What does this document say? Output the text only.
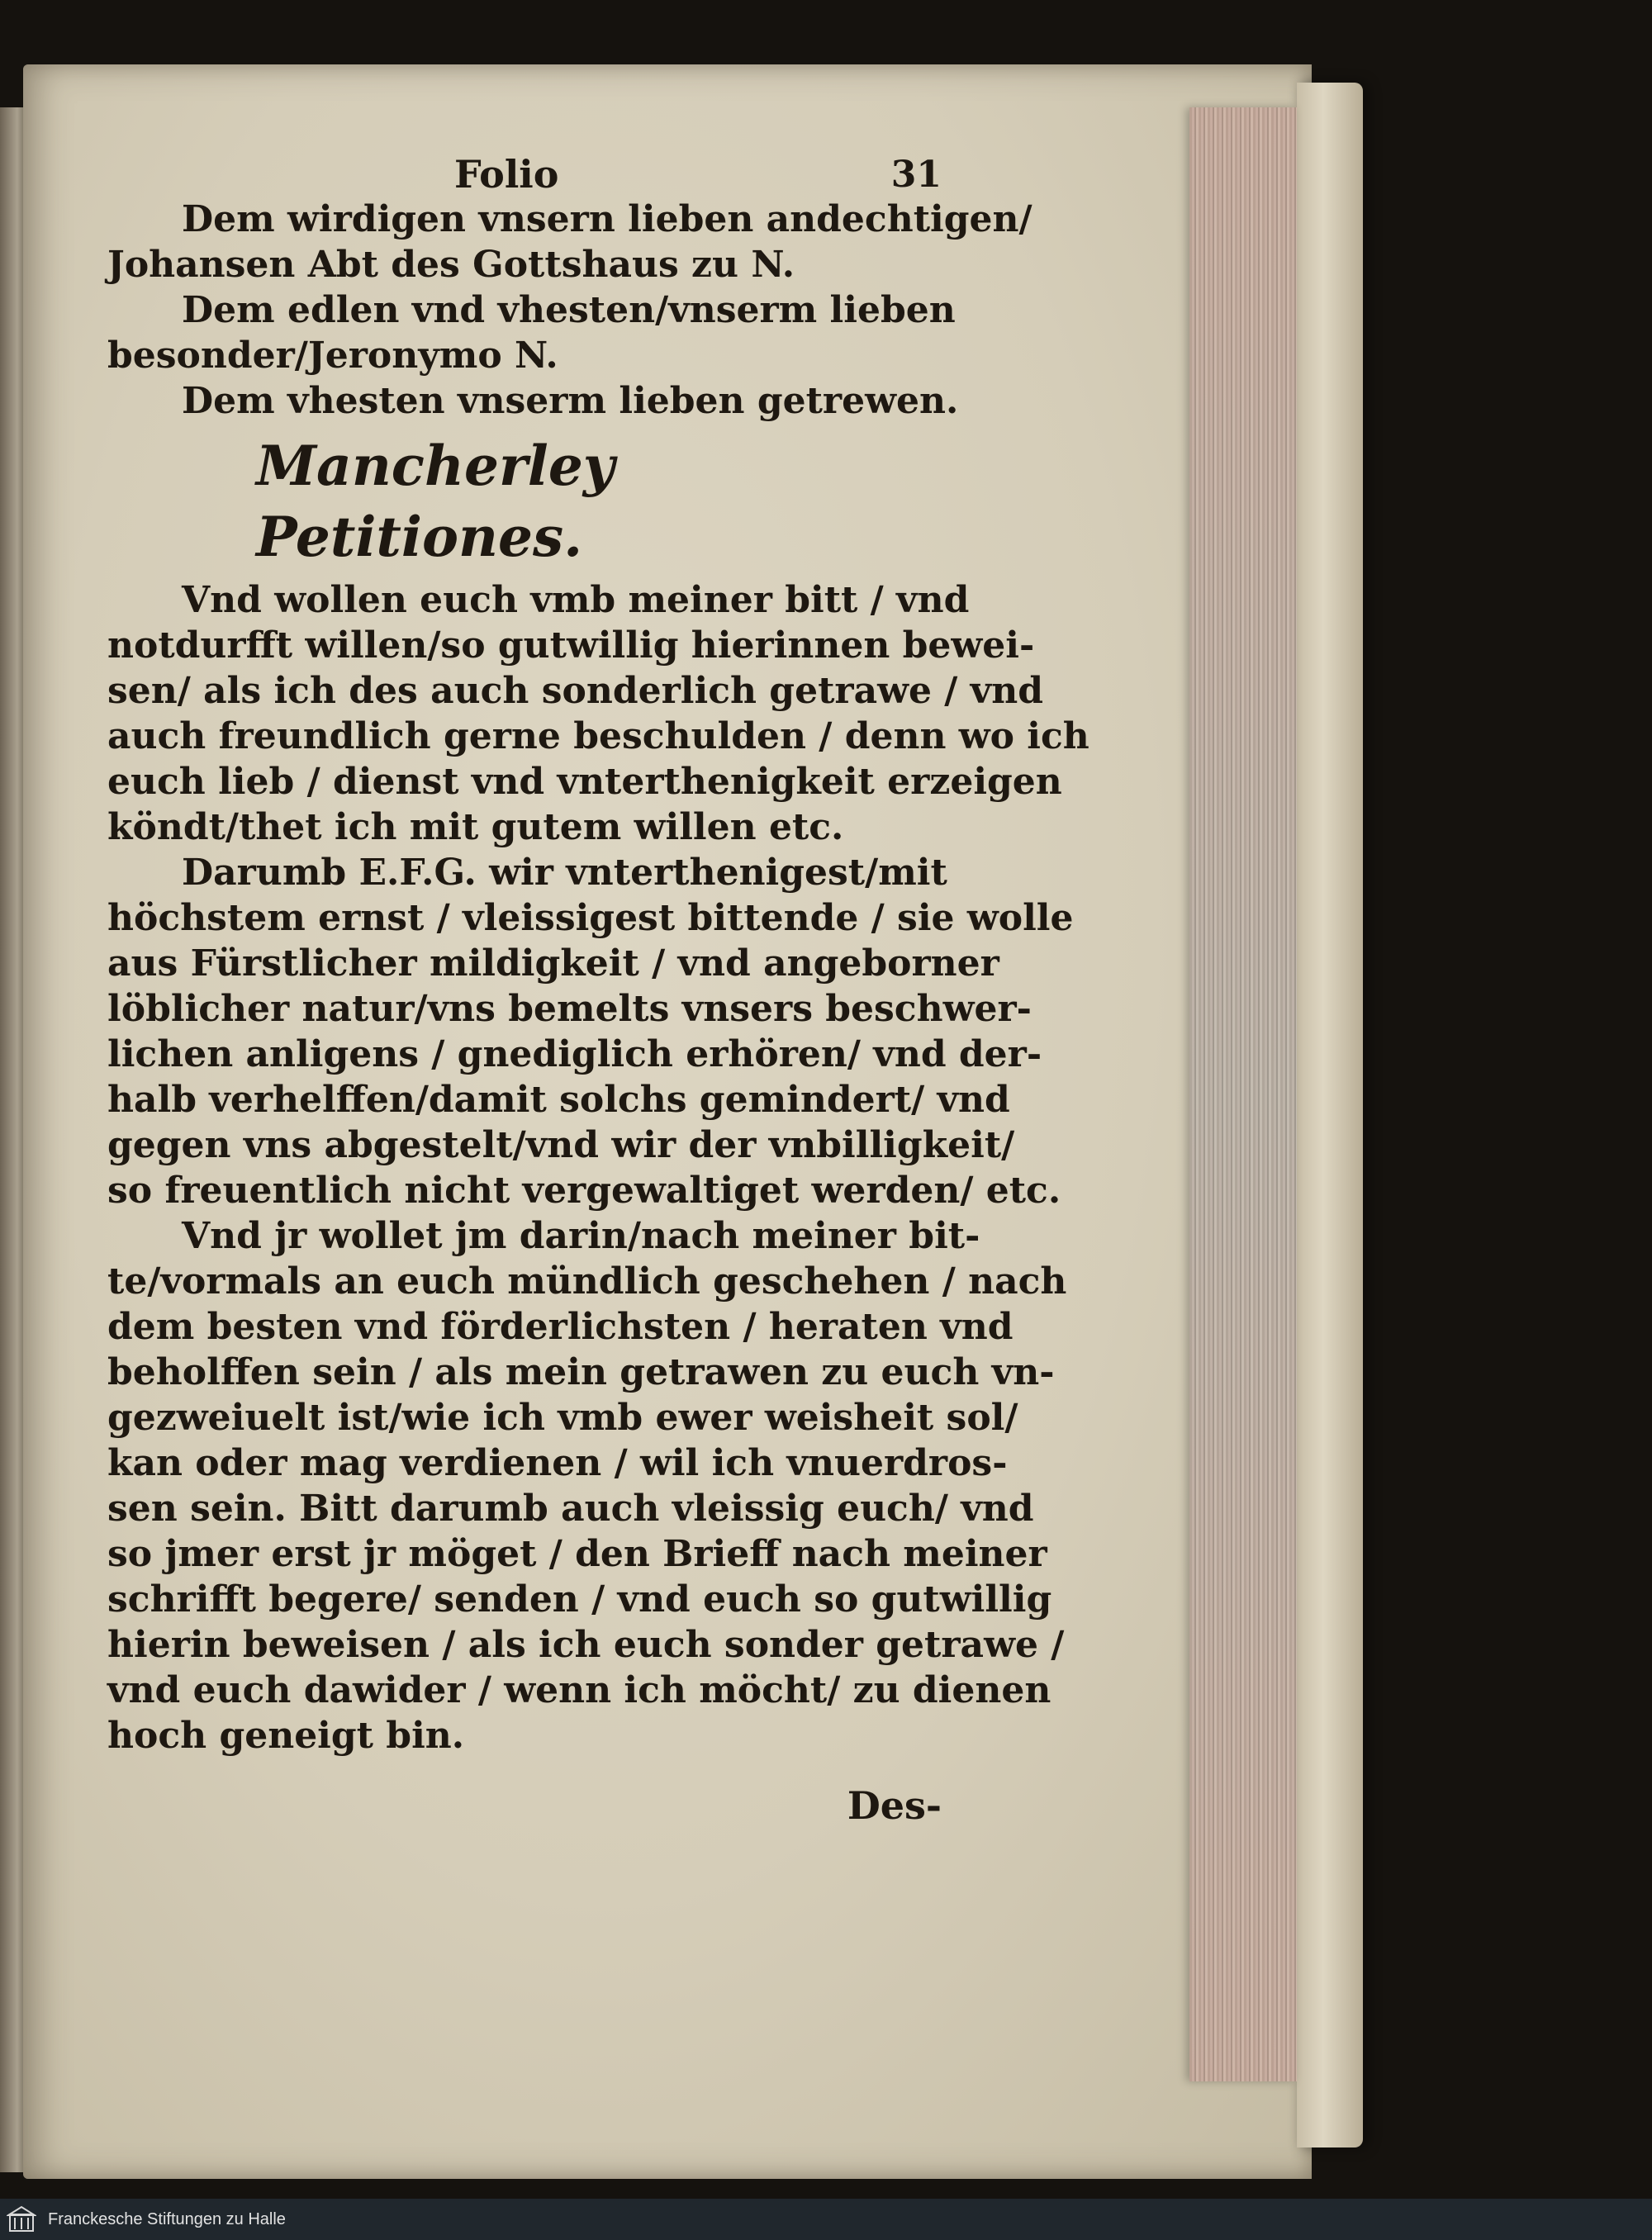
Folio	31
Dem wirdigen vnsern lieben andechtigen/
Johansen Abt des Gottshaus zu N.
Dem edlen vnd vhesten/vnserm lieben
besonder/Jeronymo N.
Dem vhesten vnserm lieben getrewen.
Mancherley Petitiones.
Vnd wollen euch vmb meiner bitt / vnd
notdurfft willen/so gutwillig hierinnen bewei-
sen/ als ich des auch sonderlich getrawe / vnd
auch freundlich gerne beschulden / denn wo ich
euch lieb / dienst vnd vnterthenigkeit erzeigen
köndt/thet ich mit gutem willen etc.
Darumb E.F.G. wir vnterthenigest/mit
höchstem ernst / vleissigest bittende / sie wolle
aus Fürstlicher mildigkeit / vnd angeborner
löblicher natur/vns bemelts vnsers beschwer-
lichen anligens / gnediglich erhören/ vnd der-
halb verhelffen/damit solchs gemindert/ vnd
gegen vns abgestelt/vnd wir der vnbilligkeit/
so freuentlich nicht vergewaltiget werden/ etc.
Vnd jr wollet jm darin/nach meiner bit-
te/vormals an euch mündlich geschehen / nach
dem besten vnd förderlichsten / heraten vnd
beholffen sein / als mein getrawen zu euch vn-
gezweiuelt ist/wie ich vmb ewer weisheit sol/
kan oder mag verdienen / wil ich vnuerdros-
sen sein. Bitt darumb auch vleissig euch/ vnd
so jmer erst jr möget / den Brieff nach meiner
schrifft begere/ senden / vnd euch so gutwillig
hierin beweisen / als ich euch sonder getrawe /
vnd euch dawider / wenn ich möcht/ zu dienen
hoch geneigt bin.
Des-
Franckesche Stiftungen zu Halle
